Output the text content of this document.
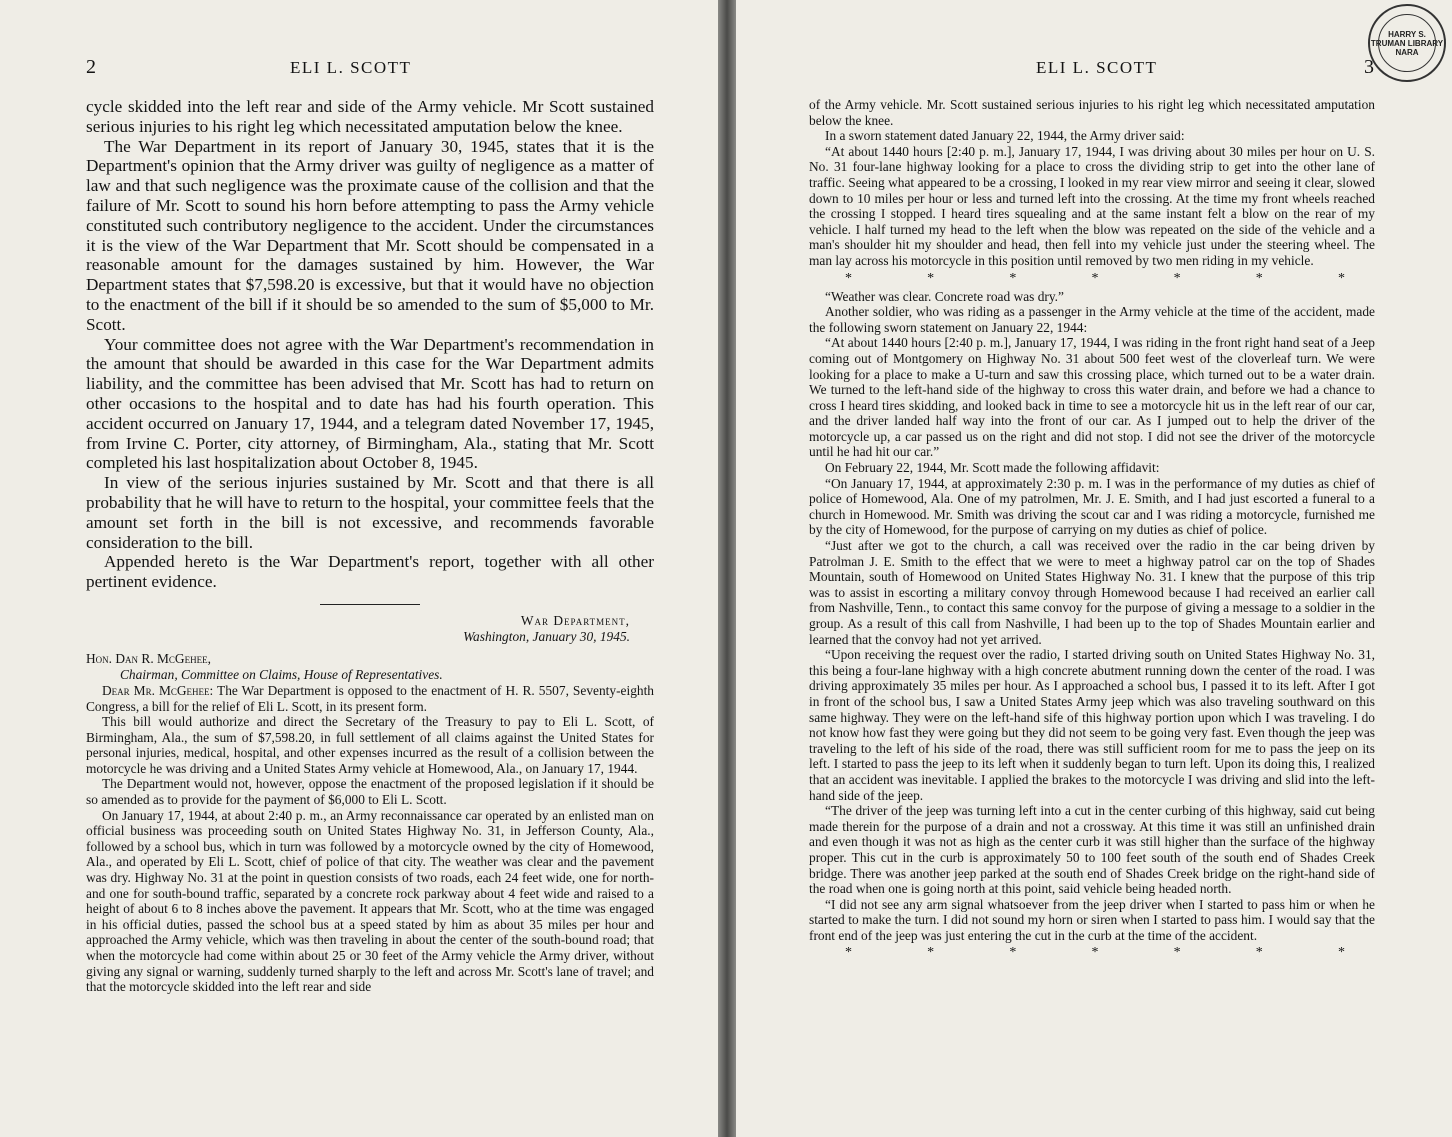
2	ELI L. SCOTT

cycle skidded into the left rear and side of the Army vehicle. Mr Scott sustained serious injuries to his right leg which necessitated amputation below the knee.

The War Department in its report of January 30, 1945, states that it is the Department's opinion that the Army driver was guilty of negligence as a matter of law and that such negligence was the proximate cause of the collision and that the failure of Mr. Scott to sound his horn before attempting to pass the Army vehicle constituted such contributory negligence to the accident. Under the circumstances it is the view of the War Department that Mr. Scott should be compensated in a reasonable amount for the damages sustained by him. However, the War Department states that $7,598.20 is excessive, but that it would have no objection to the enactment of the bill if it should be so amended to the sum of $5,000 to Mr. Scott.

Your committee does not agree with the War Department's recommendation in the amount that should be awarded in this case for the War Department admits liability, and the committee has been advised that Mr. Scott has had to return on other occasions to the hospital and to date has had his fourth operation. This accident occurred on January 17, 1944, and a telegram dated November 17, 1945, from Irvine C. Porter, city attorney, of Birmingham, Ala., stating that Mr. Scott completed his last hospitalization about October 8, 1945.

In view of the serious injuries sustained by Mr. Scott and that there is all probability that he will have to return to the hospital, your committee feels that the amount set forth in the bill is not excessive, and recommends favorable consideration to the bill.

Appended hereto is the War Department's report, together with all other pertinent evidence.

War Department,
Washington, January 30, 1945.
Hon. Dan R. McGehee,
Chairman, Committee on Claims, House of Representatives.

Dear Mr. McGehee: The War Department is opposed to the enactment of H. R. 5507, Seventy-eighth Congress, a bill for the relief of Eli L. Scott, in its present form.

This bill would authorize and direct the Secretary of the Treasury to pay to Eli L. Scott, of Birmingham, Ala., the sum of $7,598.20, in full settlement of all claims against the United States for personal injuries, medical, hospital, and other expenses incurred as the result of a collision between the motorcycle he was driving and a United States Army vehicle at Homewood, Ala., on January 17, 1944.

The Department would not, however, oppose the enactment of the proposed legislation if it should be so amended as to provide for the payment of $6,000 to Eli L. Scott.

On January 17, 1944, at about 2:40 p. m., an Army reconnaissance car operated by an enlisted man on official business was proceeding south on United States Highway No. 31, in Jefferson County, Ala., followed by a school bus, which in turn was followed by a motorcycle owned by the city of Homewood, Ala., and operated by Eli L. Scott, chief of police of that city. The weather was clear and the pavement was dry. Highway No. 31 at the point in question consists of two roads, each 24 feet wide, one for north- and one for south-bound traffic, separated by a concrete rock parkway about 4 feet wide and raised to a height of about 6 to 8 inches above the pavement. It appears that Mr. Scott, who at the time was engaged in his official duties, passed the school bus at a speed stated by him as about 35 miles per hour and approached the Army vehicle, which was then traveling in about the center of the south-bound road; that when the motorcycle had come within about 25 or 30 feet of the Army vehicle the Army driver, without giving any signal or warning, suddenly turned sharply to the left and across Mr. Scott's lane of travel; and that the motorcycle skidded into the left rear and side

ELI L. SCOTT	3
HARRY S. TRUMAN LIBRARY NARA

of the Army vehicle. Mr. Scott sustained serious injuries to his right leg which necessitated amputation below the knee.

In a sworn statement dated January 22, 1944, the Army driver said:

“At about 1440 hours [2:40 p. m.], January 17, 1944, I was driving about 30 miles per hour on U. S. No. 31 four-lane highway looking for a place to cross the dividing strip to get into the other lane of traffic. Seeing what appeared to be a crossing, I looked in my rear view mirror and seeing it clear, slowed down to 10 miles per hour or less and turned left into the crossing. At the time my front wheels reached the crossing I stopped. I heard tires squealing and at the same instant felt a blow on the rear of my vehicle. I half turned my head to the left when the blow was repeated on the side of the vehicle and a man's shoulder hit my shoulder and head, then fell into my vehicle just under the steering wheel. The man lay across his motorcycle in this position until removed by two men riding in my vehicle.

*	*	*	*	*	*	*

“Weather was clear. Concrete road was dry.”

Another soldier, who was riding as a passenger in the Army vehicle at the time of the accident, made the following sworn statement on January 22, 1944:

“At about 1440 hours [2:40 p. m.], January 17, 1944, I was riding in the front right hand seat of a Jeep coming out of Montgomery on Highway No. 31 about 500 feet west of the cloverleaf turn. We were looking for a place to make a U-turn and saw this crossing place, which turned out to be a water drain. We turned to the left-hand side of the highway to cross this water drain, and before we had a chance to cross I heard tires skidding, and looked back in time to see a motorcycle hit us in the left rear of our car, and the driver landed half way into the front of our car. As I jumped out to help the driver of the motorcycle up, a car passed us on the right and did not stop. I did not see the driver of the motorcycle until he had hit our car.”

On February 22, 1944, Mr. Scott made the following affidavit:

“On January 17, 1944, at approximately 2:30 p. m. I was in the performance of my duties as chief of police of Homewood, Ala. One of my patrolmen, Mr. J. E. Smith, and I had just escorted a funeral to a church in Homewood. Mr. Smith was driving the scout car and I was riding a motorcycle, furnished me by the city of Homewood, for the purpose of carrying on my duties as chief of police.

“Just after we got to the church, a call was received over the radio in the car being driven by Patrolman J. E. Smith to the effect that we were to meet a highway patrol car on the top of Shades Mountain, south of Homewood on United States Highway No. 31. I knew that the purpose of this trip was to assist in escorting a military convoy through Homewood because I had received an earlier call from Nashville, Tenn., to contact this same convoy for the purpose of giving a message to a soldier in the group. As a result of this call from Nashville, I had been up to the top of Shades Mountain earlier and learned that the convoy had not yet arrived.

“Upon receiving the request over the radio, I started driving south on United States Highway No. 31, this being a four-lane highway with a high concrete abutment running down the center of the road. I was driving approximately 35 miles per hour. As I approached a school bus, I passed it to its left. After I got in front of the school bus, I saw a United States Army jeep which was also traveling southward on this same highway. They were on the left-hand sife of this highway portion upon which I was traveling. I do not know how fast they were going but they did not seem to be going very fast. Even though the jeep was traveling to the left of his side of the road, there was still sufficient room for me to pass the jeep on its left. I started to pass the jeep to its left when it suddenly began to turn left. Upon its doing this, I realized that an accident was inevitable. I applied the brakes to the motorcycle I was driving and slid into the left-hand side of the jeep.

“The driver of the jeep was turning left into a cut in the center curbing of this highway, said cut being made therein for the purpose of a drain and not a crossway. At this time it was still an unfinished drain and even though it was not as high as the center curb it was still higher than the surface of the highway proper. This cut in the curb is approximately 50 to 100 feet south of the south end of Shades Creek bridge. There was another jeep parked at the south end of Shades Creek bridge on the right-hand side of the road when one is going north at this point, said vehicle being headed north.

“I did not see any arm signal whatsoever from the jeep driver when I started to pass him or when he started to make the turn. I did not sound my horn or siren when I started to pass him. I would say that the front end of the jeep was just entering the cut in the curb at the time of the accident.

*	*	*	*	*	*	*
